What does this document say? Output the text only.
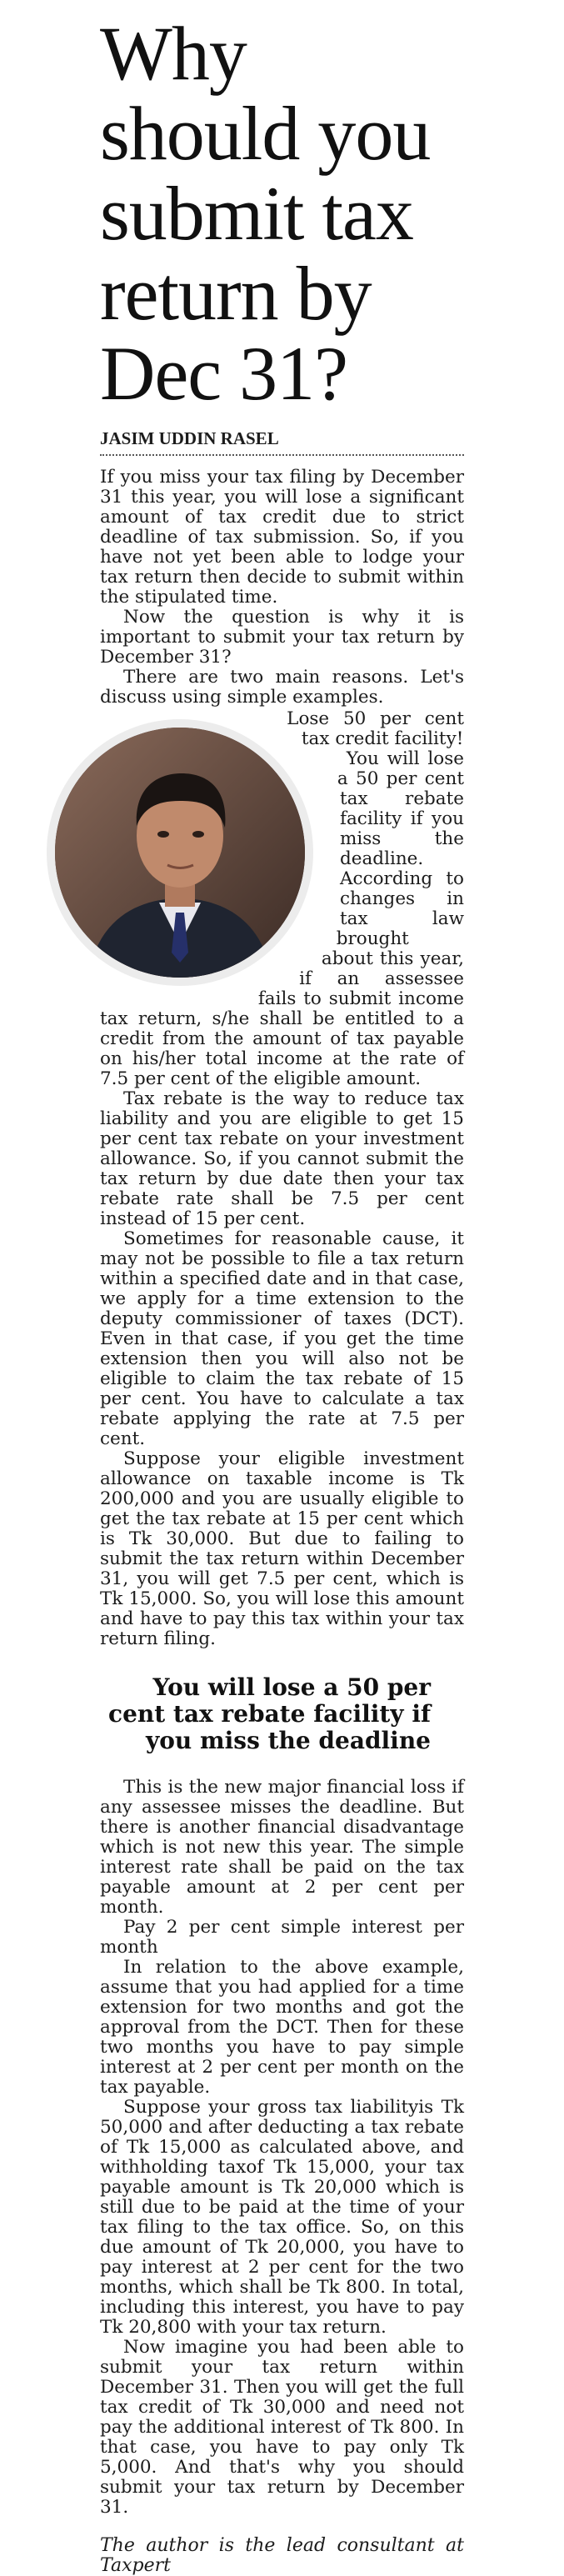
Why should you submit tax return by Dec 31?
JASIM UDDIN RASEL

If you miss your tax filing by December 31 this year, you will lose a significant amount of tax credit due to strict deadline of tax submission. So, if you have not yet been able to lodge your tax return then decide to submit within the stipulated time.

Now the question is why it is important to submit your tax return by December 31?

There are two main reasons. Let's discuss using simple examples.

Lose 50 per cent tax credit facility!

You will lose a 50 per cent tax rebate facility if you miss the deadline. According to changes in tax law brought about this year, if an assessee fails to submit income tax return, s/he shall be entitled to a credit from the amount of tax payable on his/her total income at the rate of 7.5 per cent of the eligible amount.

Tax rebate is the way to reduce tax liability and you are eligible to get 15 per cent tax rebate on your investment allowance. So, if you cannot submit the tax return by due date then your tax rebate rate shall be 7.5 per cent instead of 15 per cent.

Sometimes for reasonable cause, it may not be possible to file a tax return within a specified date and in that case, we apply for a time extension to the deputy commissioner of taxes (DCT). Even in that case, if you get the time extension then you will also not be eligible to claim the tax rebate of 15 per cent. You have to calculate a tax rebate applying the rate at 7.5 per cent.

Suppose your eligible investment allowance on taxable income is Tk 200,000 and you are usually eligible to get the tax rebate at 15 per cent which is Tk 30,000. But due to failing to submit the tax return within December 31, you will get 7.5 per cent, which is Tk 15,000. So, you will lose this amount and have to pay this tax within your tax return filing.

You will lose a 50 per cent tax rebate facility if you miss the deadline

This is the new major financial loss if any assessee misses the deadline. But there is another financial disadvantage which is not new this year. The simple interest rate shall be paid on the tax payable amount at 2 per cent per month.

Pay 2 per cent simple interest per month

In relation to the above example, assume that you had applied for a time extension for two months and got the approval from the DCT. Then for these two months you have to pay simple interest at 2 per cent per month on the tax payable.

Suppose your gross tax liabilityis Tk 50,000 and after deducting a tax rebate of Tk 15,000 as calculated above, and withholding taxof Tk 15,000, your tax payable amount is Tk 20,000 which is still due to be paid at the time of your tax filing to the tax office. So, on this due amount of Tk 20,000, you have to pay interest at 2 per cent for the two months, which shall be Tk 800. In total, including this interest, you have to pay Tk 20,800 with your tax return.

Now imagine you had been able to submit your tax return within December 31. Then you will get the full tax credit of Tk 30,000 and need not pay the additional interest of Tk 800. In that case, you have to pay only Tk 5,000. And that's why you should submit your tax return by December 31.

The author is the lead consultant at Taxpert
